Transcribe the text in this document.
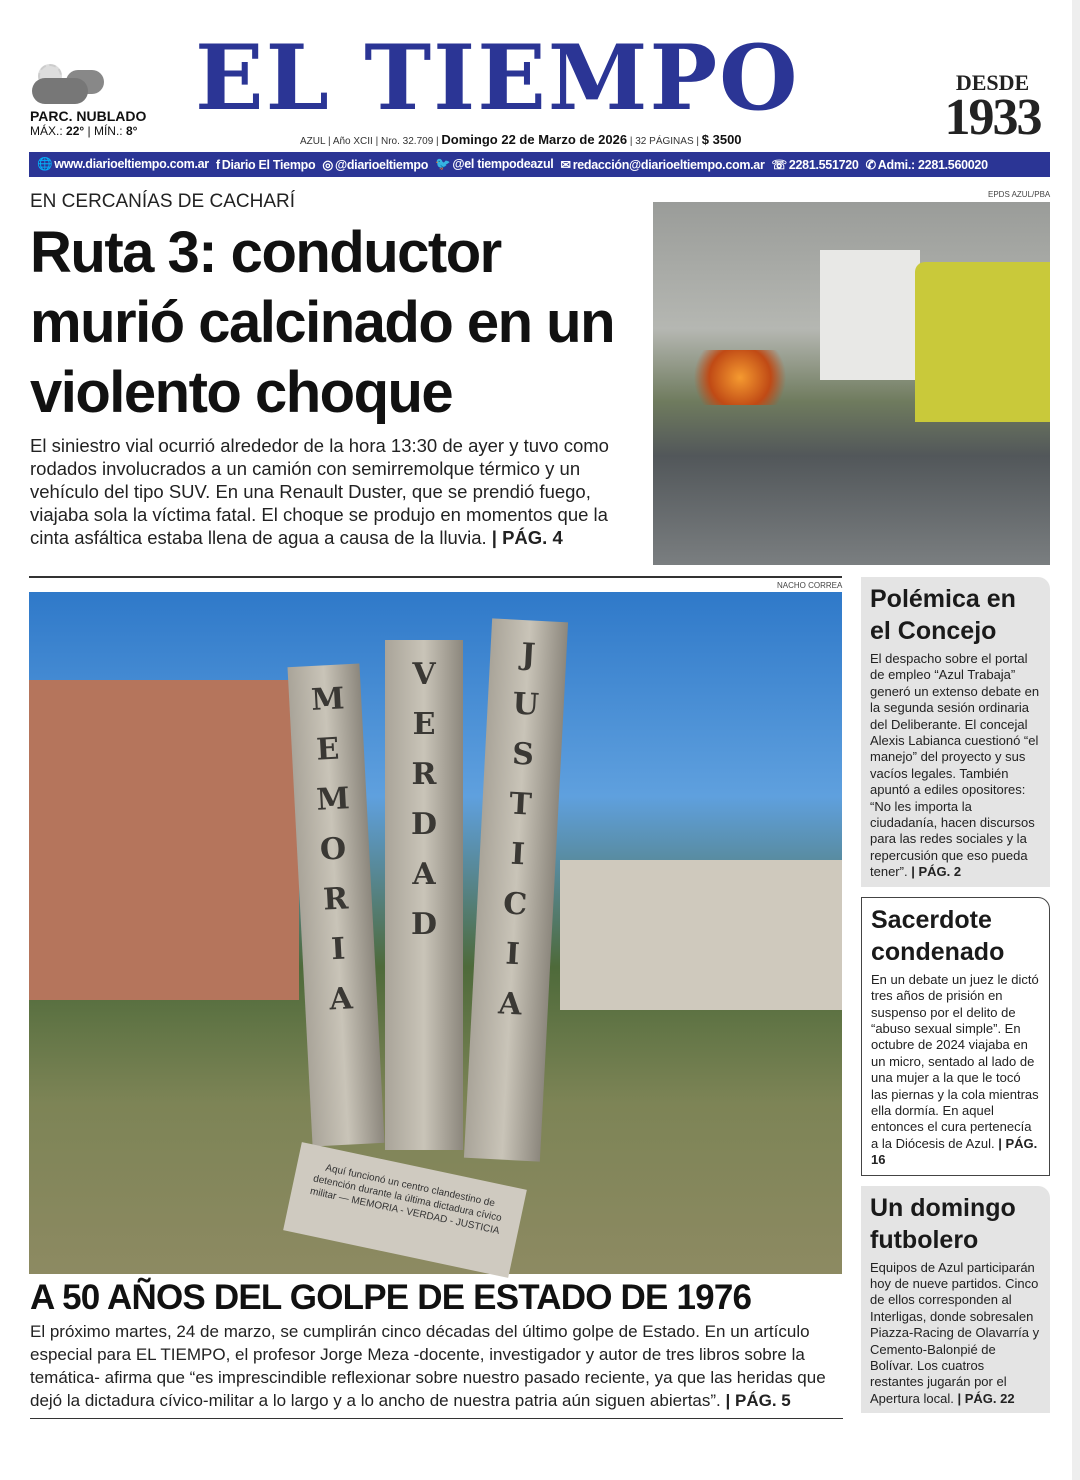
PARC. NUBLADO
MÁX.: 22° | MÍN.: 8° EL TIEMPO	DESDE
1933
AZUL | Año XCII | Nro. 32.709 | Domingo 22 de Marzo de 2026 | 32 PÁGINAS | $ 3500
🌐 www.diarioeltiempo.com.ar f Diario El Tiempo ◎ @diarioeltiempo 🐦 @el tiempodeazul ✉ redacción@diarioeltiempo.com.ar ☏ 2281.551720 ✆ Admi.: 2281.560020
EN CERCANÍAS DE CACHARÍ
Ruta 3: conductor murió calcinado en un violento choque
El siniestro vial ocurrió alrededor de la hora 13:30 de ayer y tuvo como rodados involucrados a un camión con semirremolque térmico y un vehículo del tipo SUV. En una Renault Duster, que se prendió fuego, viajaba sola la víctima fatal. El choque se produjo en momentos que la cinta asfáltica estaba llena de agua a causa de la lluvia. | PÁG. 4
EPDS AZUL/PBA
NACHO CORREA
MEMORIA
VERDAD
JUSTICIA
Aquí funcionó un centro clandestino de detención durante la última dictadura cívico militar — MEMORIA - VERDAD - JUSTICIA
A 50 AÑOS DEL GOLPE DE ESTADO DE 1976
El próximo martes, 24 de marzo, se cumplirán cinco décadas del último golpe de Estado. En un artículo especial para EL TIEMPO, el profesor Jorge Meza -docente, investigador y autor de tres libros sobre la temática- afirma que “es imprescindible reflexionar sobre nuestro pasado reciente, ya que las heridas que dejó la dictadura cívico-militar a lo largo y a lo ancho de nuestra patria aún siguen abiertas”. | PÁG. 5
Polémica en el Concejo

El despacho sobre el portal de empleo “Azul Trabaja” generó un extenso debate en la segunda sesión ordinaria del Deliberante. El concejal Alexis Labianca cuestionó “el manejo” del proyecto y sus vacíos legales. También apuntó a ediles opositores: “No les importa la ciudadanía, hacen discursos para las redes sociales y la repercusión que eso pueda tener”. | PÁG. 2

Sacerdote condenado

En un debate un juez le dictó tres años de prisión en suspenso por el delito de “abuso sexual simple”. En octubre de 2024 viajaba en un micro, sentado al lado de una mujer a la que le tocó las piernas y la cola mientras ella dormía. En aquel entonces el cura pertenecía a la Diócesis de Azul. | PÁG. 16

Un domingo futbolero

Equipos de Azul participarán hoy de nueve partidos. Cinco de ellos corresponden al Interligas, donde sobresalen Piazza-Racing de Olavarría y Cemento-Balonpié de Bolívar. Los cuatros restantes jugarán por el Apertura local. | PÁG. 22
